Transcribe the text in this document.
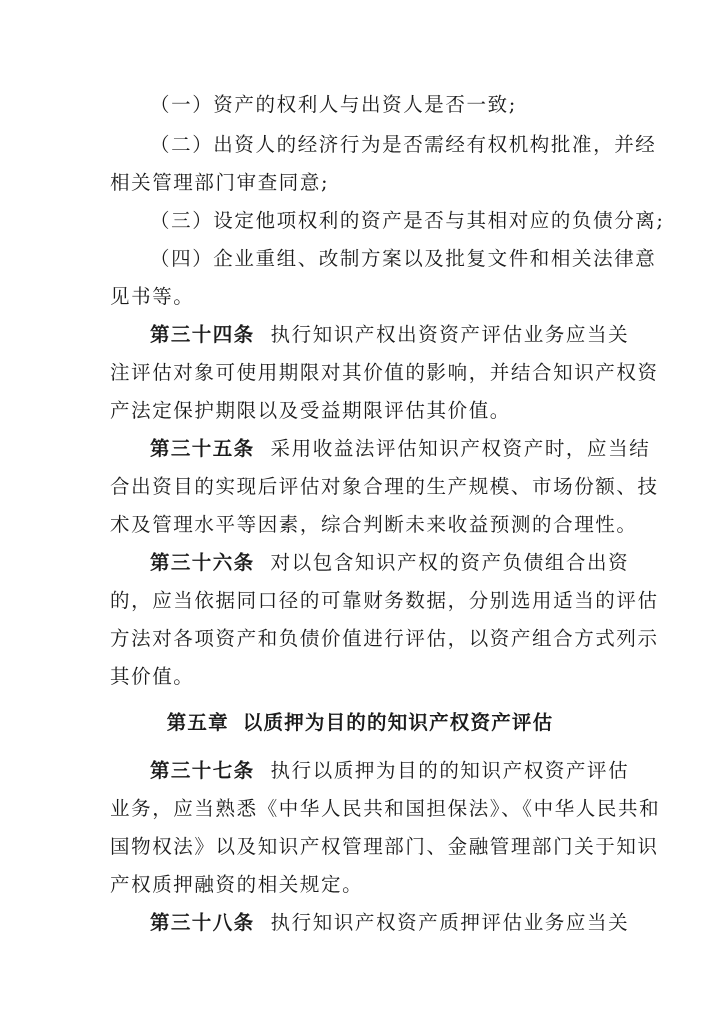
（一）资产的权利人与出资人是否一致;
（二）出资人的经济行为是否需经有权机构批准，并经
相关管理部门审查同意;
（三）设定他项权利的资产是否与其相对应的负债分离;
（四）企业重组、改制方案以及批复文件和相关法律意
见书等。
第三十四条 执行知识产权出资资产评估业务应当关
注评估对象可使用期限对其价值的影响，并结合知识产权资
产法定保护期限以及受益期限评估其价值。
第三十五条 采用收益法评估知识产权资产时，应当结
合出资目的实现后评估对象合理的生产规模、市场份额、技
术及管理水平等因素，综合判断未来收益预测的合理性。
第三十六条 对以包含知识产权的资产负债组合出资
的，应当依据同口径的可靠财务数据，分别选用适当的评估
方法对各项资产和负债价值进行评估，以资产组合方式列示
其价值。
第五章 以质押为目的的知识产权资产评估
第三十七条 执行以质押为目的的知识产权资产评估
业务，应当熟悉《中华人民共和国担保法》、《中华人民共和
国物权法》以及知识产权管理部门、金融管理部门关于知识
产权质押融资的相关规定。
第三十八条 执行知识产权资产质押评估业务应当关
